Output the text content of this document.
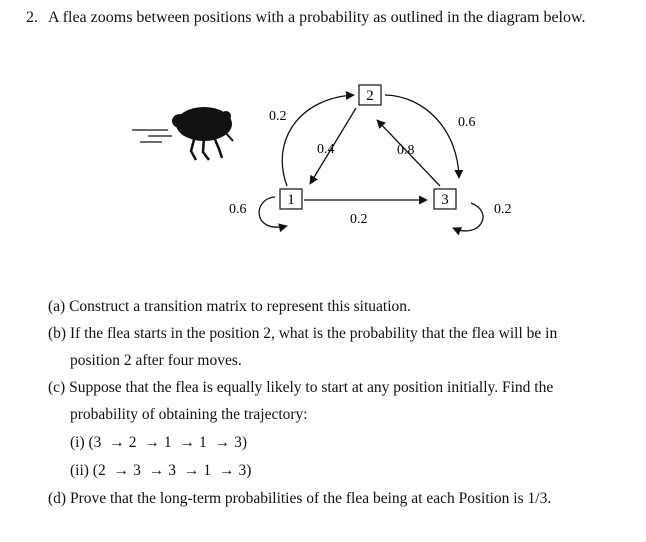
2. A flea zooms between positions with a probability as outlined in the diagram below.
1
2
3
0.2
0.4	0.8
0.6
0.2
0.6	0.2
(a) Construct a transition matrix to represent this situation.
(b) If the flea starts in the position 2, what is the probability that the flea will be in
position 2 after four moves.
(c) Suppose that the flea is equally likely to start at any position initially. Find the
probability of obtaining the trajectory:
(i) (3 → 2 → 1 → 1 → 3)
(ii) (2 → 3 → 3 → 1 → 3)
(d) Prove that the long-term probabilities of the flea being at each Position is 1/3.
